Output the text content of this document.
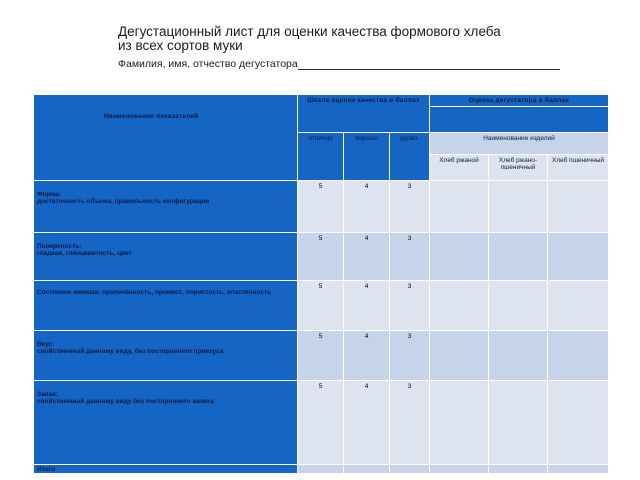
Дегустационный лист для оценки качества формового хлеба
из всех сортов муки
Фамилия, имя, отчество дегустатора
Наименование показателей	Шкала оценки качества в баллах			Оценка дегустатора в баллах		

	отлично	хорошо	удовл.	Наименование изделий		
				Хлеб ржаной	Хлеб ржано-пшеничный	Хлеб пшеничный

Форма:
достаточность объема, правильность конфигурации	5	4	3			

Поверхность:
гладкая, глянцевитость, цвет	5	4	3			
Состояние мякиша: пропечённость, промесс, пористость, эластичность	5	4	3			

Вкус:
свойственный данному виду, без постороннего привкуса	5	4	3			

Запах:
свойственный данному виду без постороннего запаха	5	4	3			
Итого						
